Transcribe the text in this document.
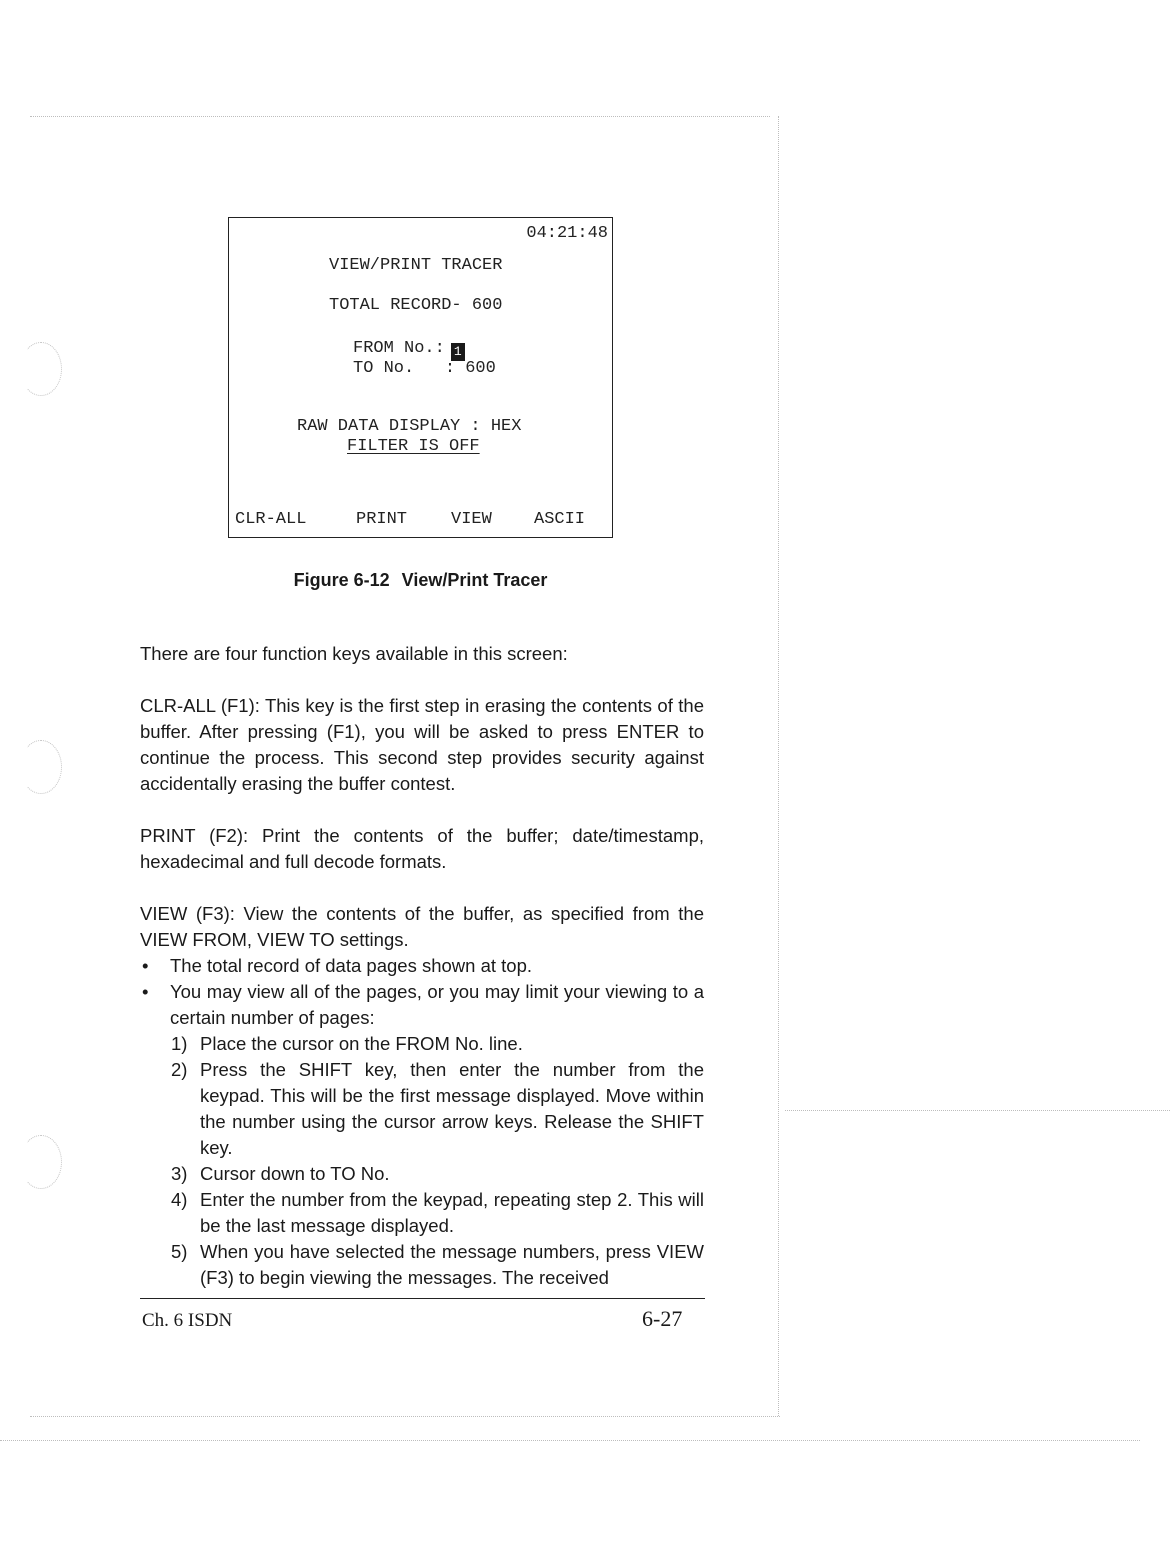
04:21:48
VIEW/PRINT TRACER
TOTAL RECORD- 600
FROM No.: 1
TO No.   : 600
RAW DATA DISPLAY : HEX
FILTER IS OFF
CLR-ALL	PRINT	VIEW ASCII
Figure 6-12 View/Print Tracer

There are four function keys available in this screen:

CLR-ALL (F1): This key is the first step in erasing the contents of the buffer. After pressing (F1), you will be asked to press ENTER to continue the process. This second step provides security against accidentally erasing the buffer contest.

PRINT (F2): Print the contents of the buffer; date/timestamp, hexadecimal and full decode formats.

VIEW (F3): View the contents of the buffer, as specified from the VIEW FROM, VIEW TO settings.

• The total record of data pages shown at top.
• You may view all of the pages, or you may limit your viewing to a certain number of pages:
1) Place the cursor on the FROM No. line.
2) Press the SHIFT key, then enter the number from the keypad. This will be the first message displayed. Move within the number using the cursor arrow keys. Release the SHIFT key.
3) Cursor down to TO No.
4) Enter the number from the keypad, repeating step 2. This will be the last message displayed.
5) When you have selected the message numbers, press VIEW (F3) to begin viewing the messages. The received
Ch. 6 ISDN	6-27
